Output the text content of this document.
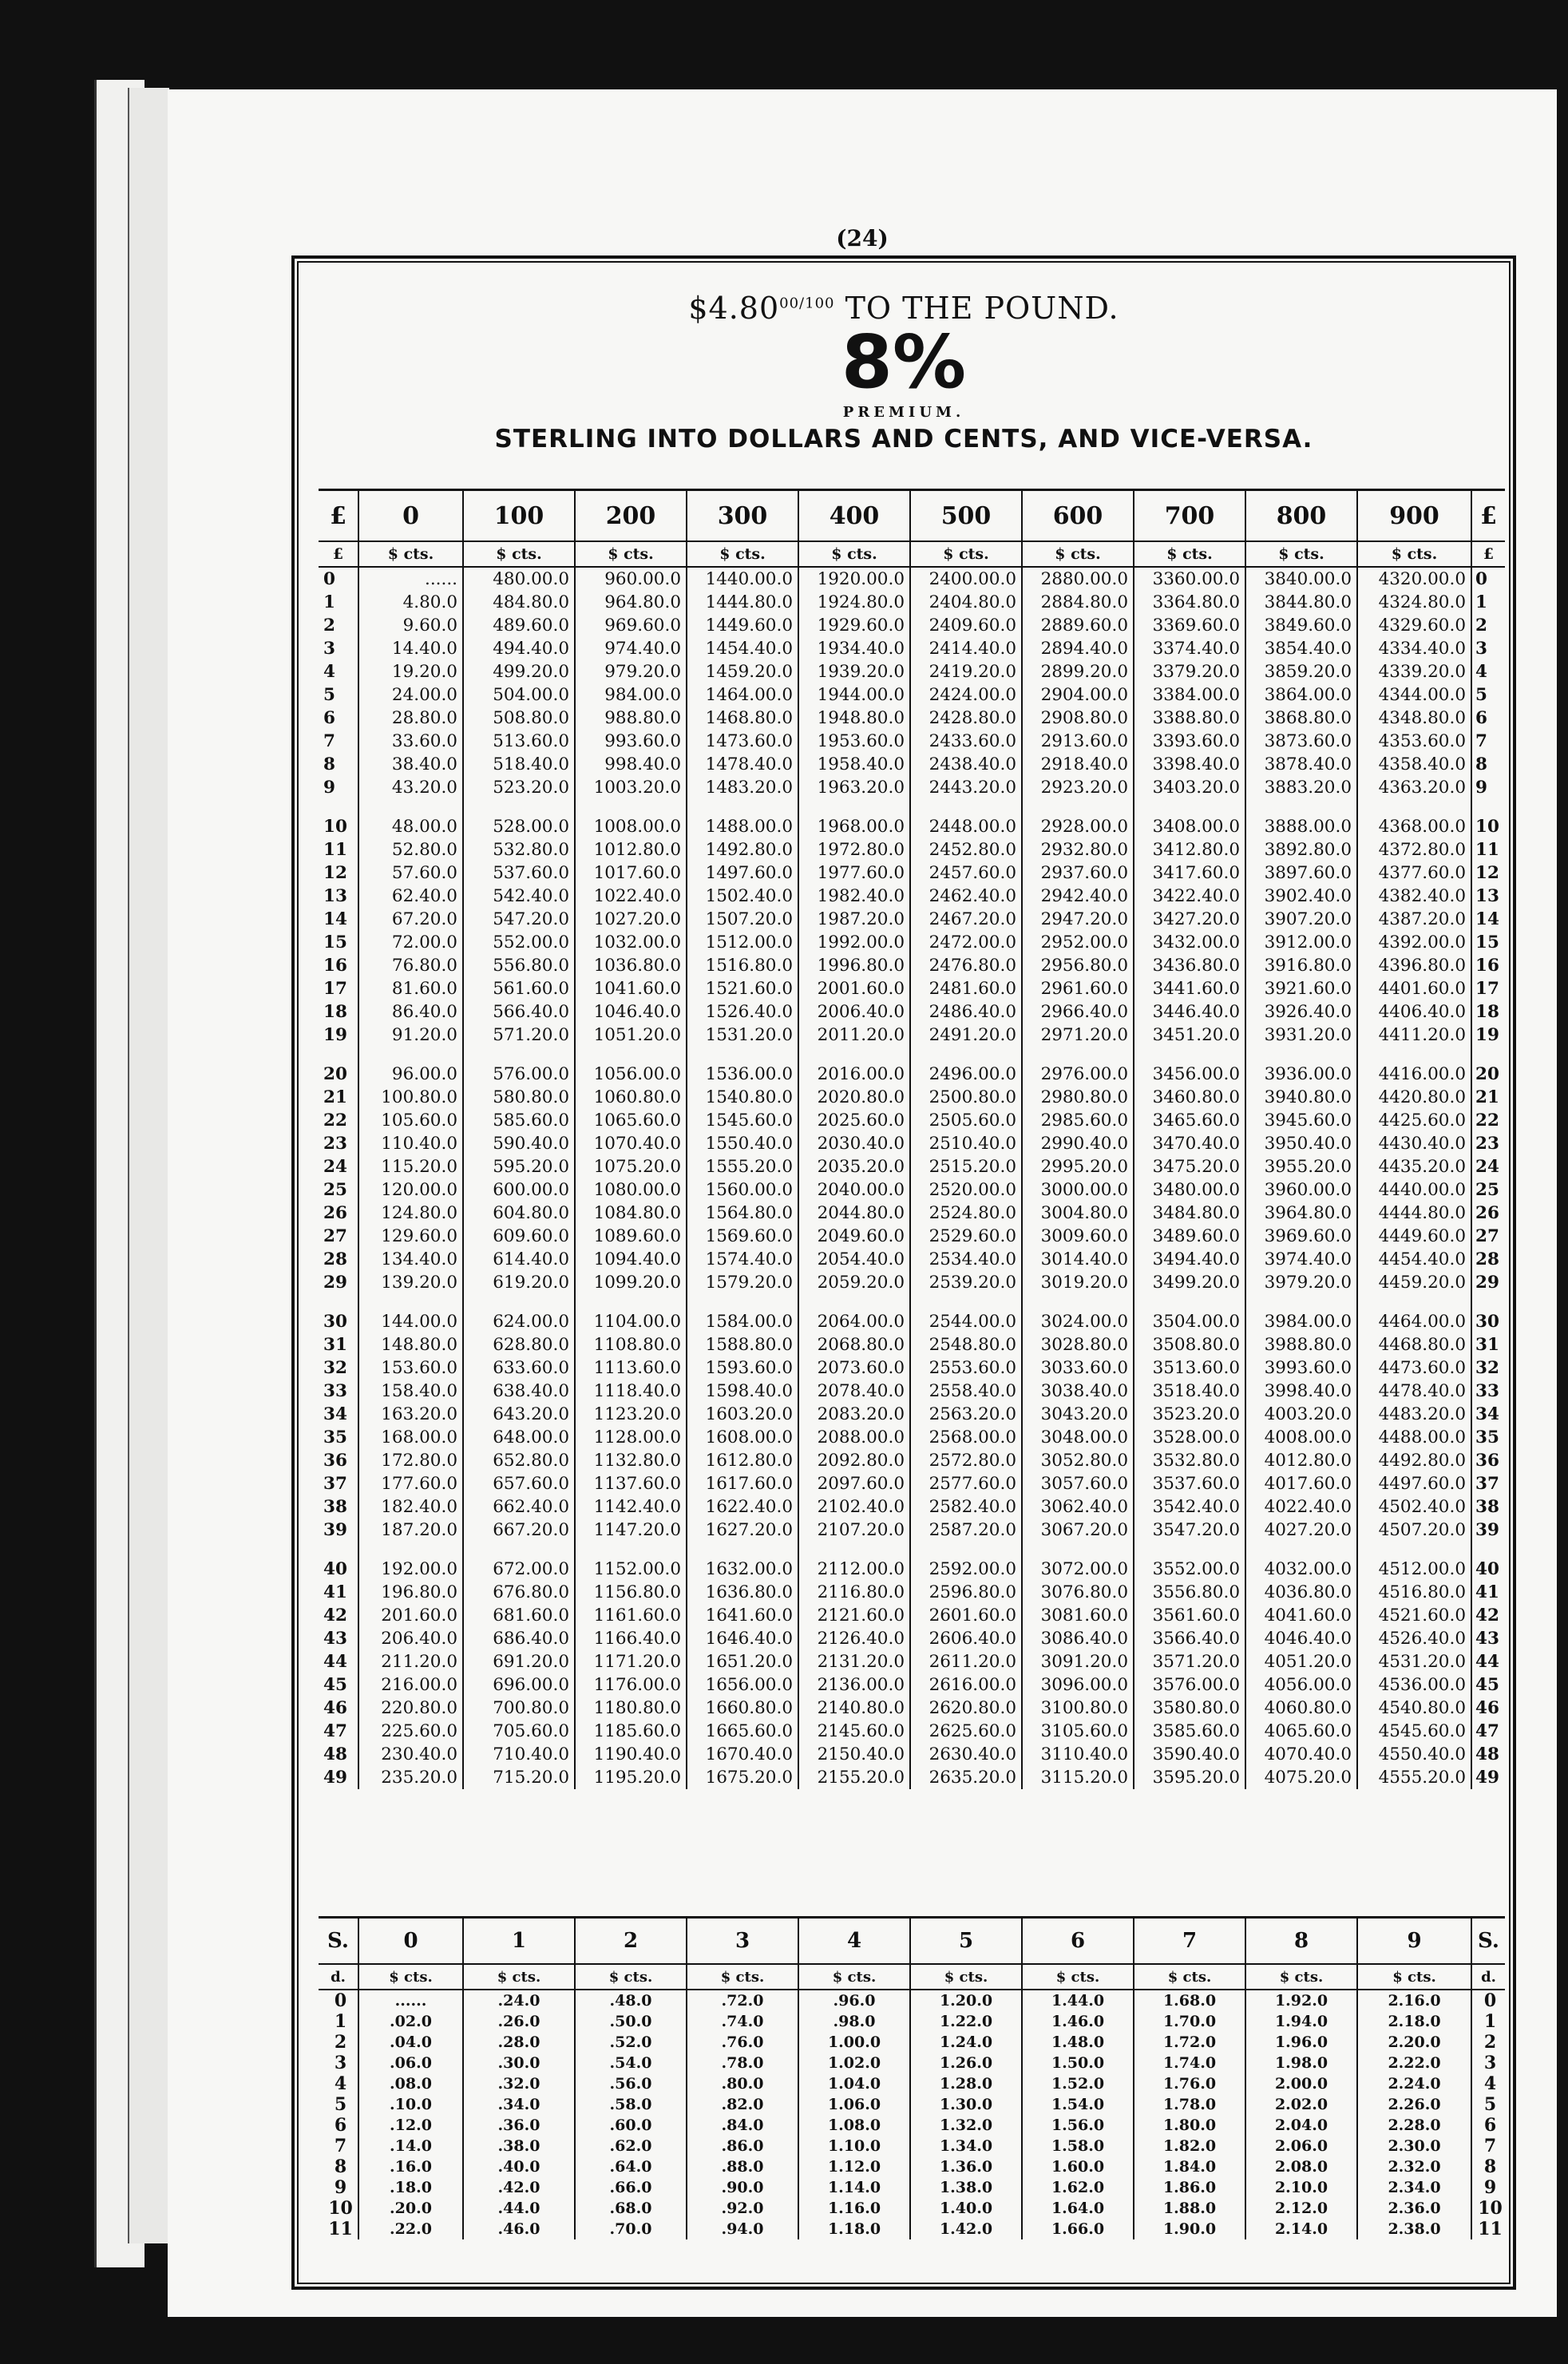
(24)
$\$4.80^{00/100}$ TO THE POUND.
8%
PREMIUM.
STERLING INTO DOLLARS AND CENTS, AND VICE-VERSA.
£	0	100	200	300	400	500	600	700	800	900	£
£	$ cts.	$ cts.	$ cts.	$ cts.	$ cts.	$ cts.	$ cts.	$ cts.	$ cts.	$ cts.	£
0	......	480.00.0	960.00.0	1440.00.0	1920.00.0	2400.00.0	2880.00.0	3360.00.0	3840.00.0	4320.00.0	0
1	4.80.0	484.80.0	964.80.0	1444.80.0	1924.80.0	2404.80.0	2884.80.0	3364.80.0	3844.80.0	4324.80.0	1
2	9.60.0	489.60.0	969.60.0	1449.60.0	1929.60.0	2409.60.0	2889.60.0	3369.60.0	3849.60.0	4329.60.0	2
3	14.40.0	494.40.0	974.40.0	1454.40.0	1934.40.0	2414.40.0	2894.40.0	3374.40.0	3854.40.0	4334.40.0	3
4	19.20.0	499.20.0	979.20.0	1459.20.0	1939.20.0	2419.20.0	2899.20.0	3379.20.0	3859.20.0	4339.20.0	4
5	24.00.0	504.00.0	984.00.0	1464.00.0	1944.00.0	2424.00.0	2904.00.0	3384.00.0	3864.00.0	4344.00.0	5
6	28.80.0	508.80.0	988.80.0	1468.80.0	1948.80.0	2428.80.0	2908.80.0	3388.80.0	3868.80.0	4348.80.0	6
7	33.60.0	513.60.0	993.60.0	1473.60.0	1953.60.0	2433.60.0	2913.60.0	3393.60.0	3873.60.0	4353.60.0	7
8	38.40.0	518.40.0	998.40.0	1478.40.0	1958.40.0	2438.40.0	2918.40.0	3398.40.0	3878.40.0	4358.40.0	8
9	43.20.0	523.20.0	1003.20.0	1483.20.0	1963.20.0	2443.20.0	2923.20.0	3403.20.0	3883.20.0	4363.20.0	9

10	48.00.0	528.00.0	1008.00.0	1488.00.0	1968.00.0	2448.00.0	2928.00.0	3408.00.0	3888.00.0	4368.00.0	10
11	52.80.0	532.80.0	1012.80.0	1492.80.0	1972.80.0	2452.80.0	2932.80.0	3412.80.0	3892.80.0	4372.80.0	11
12	57.60.0	537.60.0	1017.60.0	1497.60.0	1977.60.0	2457.60.0	2937.60.0	3417.60.0	3897.60.0	4377.60.0	12
13	62.40.0	542.40.0	1022.40.0	1502.40.0	1982.40.0	2462.40.0	2942.40.0	3422.40.0	3902.40.0	4382.40.0	13
14	67.20.0	547.20.0	1027.20.0	1507.20.0	1987.20.0	2467.20.0	2947.20.0	3427.20.0	3907.20.0	4387.20.0	14
15	72.00.0	552.00.0	1032.00.0	1512.00.0	1992.00.0	2472.00.0	2952.00.0	3432.00.0	3912.00.0	4392.00.0	15
16	76.80.0	556.80.0	1036.80.0	1516.80.0	1996.80.0	2476.80.0	2956.80.0	3436.80.0	3916.80.0	4396.80.0	16
17	81.60.0	561.60.0	1041.60.0	1521.60.0	2001.60.0	2481.60.0	2961.60.0	3441.60.0	3921.60.0	4401.60.0	17
18	86.40.0	566.40.0	1046.40.0	1526.40.0	2006.40.0	2486.40.0	2966.40.0	3446.40.0	3926.40.0	4406.40.0	18
19	91.20.0	571.20.0	1051.20.0	1531.20.0	2011.20.0	2491.20.0	2971.20.0	3451.20.0	3931.20.0	4411.20.0	19

20	96.00.0	576.00.0	1056.00.0	1536.00.0	2016.00.0	2496.00.0	2976.00.0	3456.00.0	3936.00.0	4416.00.0	20
21	100.80.0	580.80.0	1060.80.0	1540.80.0	2020.80.0	2500.80.0	2980.80.0	3460.80.0	3940.80.0	4420.80.0	21
22	105.60.0	585.60.0	1065.60.0	1545.60.0	2025.60.0	2505.60.0	2985.60.0	3465.60.0	3945.60.0	4425.60.0	22
23	110.40.0	590.40.0	1070.40.0	1550.40.0	2030.40.0	2510.40.0	2990.40.0	3470.40.0	3950.40.0	4430.40.0	23
24	115.20.0	595.20.0	1075.20.0	1555.20.0	2035.20.0	2515.20.0	2995.20.0	3475.20.0	3955.20.0	4435.20.0	24
25	120.00.0	600.00.0	1080.00.0	1560.00.0	2040.00.0	2520.00.0	3000.00.0	3480.00.0	3960.00.0	4440.00.0	25
26	124.80.0	604.80.0	1084.80.0	1564.80.0	2044.80.0	2524.80.0	3004.80.0	3484.80.0	3964.80.0	4444.80.0	26
27	129.60.0	609.60.0	1089.60.0	1569.60.0	2049.60.0	2529.60.0	3009.60.0	3489.60.0	3969.60.0	4449.60.0	27
28	134.40.0	614.40.0	1094.40.0	1574.40.0	2054.40.0	2534.40.0	3014.40.0	3494.40.0	3974.40.0	4454.40.0	28
29	139.20.0	619.20.0	1099.20.0	1579.20.0	2059.20.0	2539.20.0	3019.20.0	3499.20.0	3979.20.0	4459.20.0	29

30	144.00.0	624.00.0	1104.00.0	1584.00.0	2064.00.0	2544.00.0	3024.00.0	3504.00.0	3984.00.0	4464.00.0	30
31	148.80.0	628.80.0	1108.80.0	1588.80.0	2068.80.0	2548.80.0	3028.80.0	3508.80.0	3988.80.0	4468.80.0	31
32	153.60.0	633.60.0	1113.60.0	1593.60.0	2073.60.0	2553.60.0	3033.60.0	3513.60.0	3993.60.0	4473.60.0	32
33	158.40.0	638.40.0	1118.40.0	1598.40.0	2078.40.0	2558.40.0	3038.40.0	3518.40.0	3998.40.0	4478.40.0	33
34	163.20.0	643.20.0	1123.20.0	1603.20.0	2083.20.0	2563.20.0	3043.20.0	3523.20.0	4003.20.0	4483.20.0	34
35	168.00.0	648.00.0	1128.00.0	1608.00.0	2088.00.0	2568.00.0	3048.00.0	3528.00.0	4008.00.0	4488.00.0	35
36	172.80.0	652.80.0	1132.80.0	1612.80.0	2092.80.0	2572.80.0	3052.80.0	3532.80.0	4012.80.0	4492.80.0	36
37	177.60.0	657.60.0	1137.60.0	1617.60.0	2097.60.0	2577.60.0	3057.60.0	3537.60.0	4017.60.0	4497.60.0	37
38	182.40.0	662.40.0	1142.40.0	1622.40.0	2102.40.0	2582.40.0	3062.40.0	3542.40.0	4022.40.0	4502.40.0	38
39	187.20.0	667.20.0	1147.20.0	1627.20.0	2107.20.0	2587.20.0	3067.20.0	3547.20.0	4027.20.0	4507.20.0	39

40	192.00.0	672.00.0	1152.00.0	1632.00.0	2112.00.0	2592.00.0	3072.00.0	3552.00.0	4032.00.0	4512.00.0	40
41	196.80.0	676.80.0	1156.80.0	1636.80.0	2116.80.0	2596.80.0	3076.80.0	3556.80.0	4036.80.0	4516.80.0	41
42	201.60.0	681.60.0	1161.60.0	1641.60.0	2121.60.0	2601.60.0	3081.60.0	3561.60.0	4041.60.0	4521.60.0	42
43	206.40.0	686.40.0	1166.40.0	1646.40.0	2126.40.0	2606.40.0	3086.40.0	3566.40.0	4046.40.0	4526.40.0	43
44	211.20.0	691.20.0	1171.20.0	1651.20.0	2131.20.0	2611.20.0	3091.20.0	3571.20.0	4051.20.0	4531.20.0	44
45	216.00.0	696.00.0	1176.00.0	1656.00.0	2136.00.0	2616.00.0	3096.00.0	3576.00.0	4056.00.0	4536.00.0	45
46	220.80.0	700.80.0	1180.80.0	1660.80.0	2140.80.0	2620.80.0	3100.80.0	3580.80.0	4060.80.0	4540.80.0	46
47	225.60.0	705.60.0	1185.60.0	1665.60.0	2145.60.0	2625.60.0	3105.60.0	3585.60.0	4065.60.0	4545.60.0	47
48	230.40.0	710.40.0	1190.40.0	1670.40.0	2150.40.0	2630.40.0	3110.40.0	3590.40.0	4070.40.0	4550.40.0	48
49	235.20.0	715.20.0	1195.20.0	1675.20.0	2155.20.0	2635.20.0	3115.20.0	3595.20.0	4075.20.0	4555.20.0	49
S.	0	1	2	3	4	5	6	7	8	9	S.
d.	$ cts.	$ cts.	$ cts.	$ cts.	$ cts.	$ cts.	$ cts.	$ cts.	$ cts.	$ cts.	d.
0	......	.24.0	.48.0	.72.0	.96.0	1.20.0	1.44.0	1.68.0	1.92.0	2.16.0	0
1	.02.0	.26.0	.50.0	.74.0	.98.0	1.22.0	1.46.0	1.70.0	1.94.0	2.18.0	1
2	.04.0	.28.0	.52.0	.76.0	1.00.0	1.24.0	1.48.0	1.72.0	1.96.0	2.20.0	2
3	.06.0	.30.0	.54.0	.78.0	1.02.0	1.26.0	1.50.0	1.74.0	1.98.0	2.22.0	3
4	.08.0	.32.0	.56.0	.80.0	1.04.0	1.28.0	1.52.0	1.76.0	2.00.0	2.24.0	4
5	.10.0	.34.0	.58.0	.82.0	1.06.0	1.30.0	1.54.0	1.78.0	2.02.0	2.26.0	5
6	.12.0	.36.0	.60.0	.84.0	1.08.0	1.32.0	1.56.0	1.80.0	2.04.0	2.28.0	6
7	.14.0	.38.0	.62.0	.86.0	1.10.0	1.34.0	1.58.0	1.82.0	2.06.0	2.30.0	7
8	.16.0	.40.0	.64.0	.88.0	1.12.0	1.36.0	1.60.0	1.84.0	2.08.0	2.32.0	8
9	.18.0	.42.0	.66.0	.90.0	1.14.0	1.38.0	1.62.0	1.86.0	2.10.0	2.34.0	9
10	.20.0	.44.0	.68.0	.92.0	1.16.0	1.40.0	1.64.0	1.88.0	2.12.0	2.36.0	10
11	.22.0	.46.0	.70.0	.94.0	1.18.0	1.42.0	1.66.0	1.90.0	2.14.0	2.38.0	11
